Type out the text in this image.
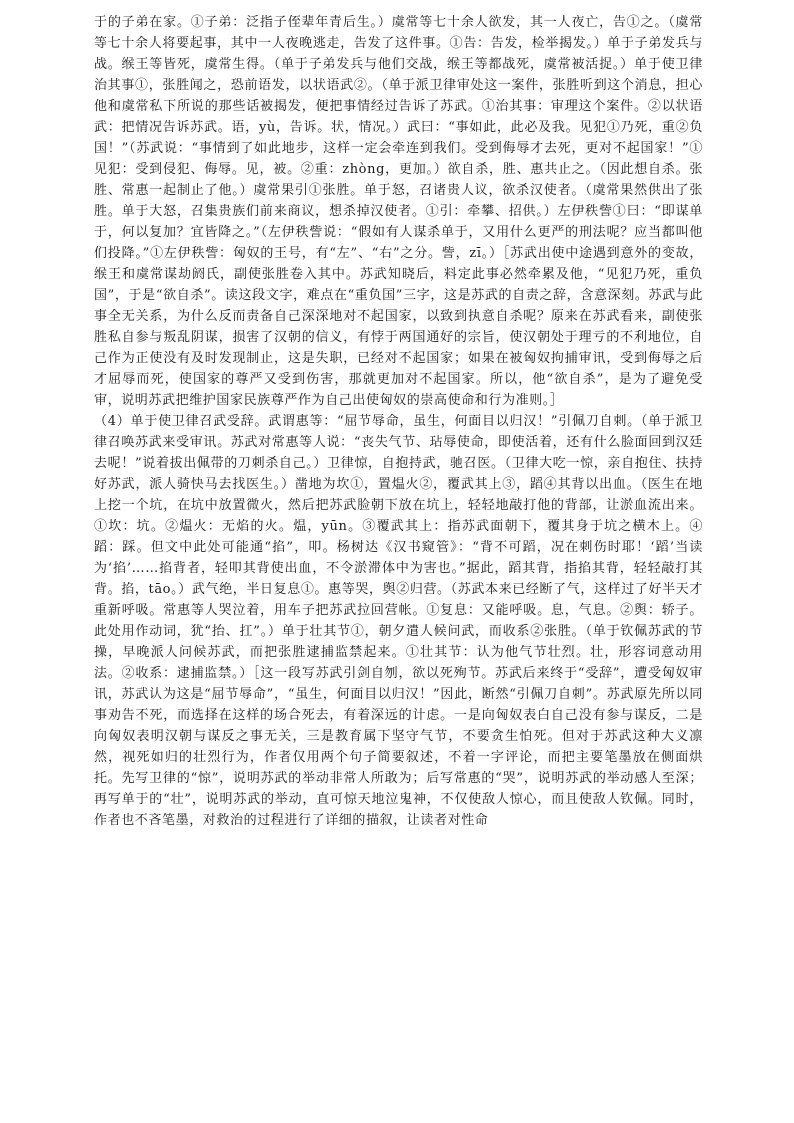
于的子弟在家。①子弟：泛指子侄辈年青后生。）虞常等七十余人欲发，其一人夜亡，告①之。（虞常等七十余人将要起事，其中一人夜晚逃走，告发了这件事。①告：告发，检举揭发。）单于子弟发兵与战。缑王等皆死，虞常生得。（单于子弟发兵与他们交战，缑王等都战死，虞常被活捉。）单于使卫律治其事①，张胜闻之，恐前语发，以状语武②。（单于派卫律审处这一案件，张胜听到这个消息，担心他和虞常私下所说的那些话被揭发，便把事情经过告诉了苏武。①治其事：审理这个案件。②以状语武：把情况告诉苏武。语，yù，告诉。状，情况。）武曰：“事如此，此必及我。见犯①乃死，重②负国！”（苏武说：“事情到了如此地步，这样一定会牵连到我们。受到侮辱才去死，更对不起国家！”①见犯：受到侵犯、侮辱。见，被。②重：zhòng，更加。）欲自杀，胜、惠共止之。（因此想自杀。张胜、常惠一起制止了他。）虞常果引①张胜。单于怒，召诸贵人议，欲杀汉使者。（虞常果然供出了张胜。单于大怒，召集贵族们前来商议，想杀掉汉使者。①引：牵攀、招供。）左伊秩訾①曰：“即谋单于，何以复加？宜皆降之。”（左伊秩訾说：“假如有人谋杀单于，又用什么更严的刑法呢？应当都叫他们投降。”①左伊秩訾：匈奴的王号，有“左”、“右”之分。訾，zī。）［苏武出使中途遇到意外的变故，缑王和虞常谋劫阏氏，副使张胜卷入其中。苏武知晓后，料定此事必然牵累及他，“见犯乃死，重负国”，于是“欲自杀”。读这段文字，难点在“重负国”三字，这是苏武的自责之辞，含意深刻。苏武与此事全无关系，为什么反而责备自己深深地对不起国家，以致到执意自杀呢？原来在苏武看来，副使张胜私自参与叛乱阴谋，损害了汉朝的信义，有悖于两国通好的宗旨，使汉朝处于理亏的不利地位，自己作为正使没有及时发现制止，这是失职，已经对不起国家；如果在被匈奴拘捕审讯，受到侮辱之后才屈辱而死，使国家的尊严又受到伤害，那就更加对不起国家。所以，他“欲自杀”，是为了避免受审，说明苏武把维护国家民族尊严作为自己出使匈奴的崇高使命和行为准则。］

（4）单于使卫律召武受辞。武谓惠等：“屈节辱命，虽生，何面目以归汉！”引佩刀自刺。（单于派卫律召唤苏武来受审讯。苏武对常惠等人说：“丧失气节、玷辱使命，即使活着，还有什么脸面回到汉廷去呢！”说着拔出佩带的刀刺杀自己。）卫律惊，自抱持武，驰召医。（卫律大吃一惊，亲自抱住、扶持好苏武，派人骑快马去找医生。）凿地为坎①，置煴火②，覆武其上③，蹈④其背以出血。（医生在地上挖一个坑，在坑中放置微火，然后把苏武脸朝下放在坑上，轻轻地敲打他的背部，让淤血流出来。①坎：坑。②煴火：无焰的火。煴，yūn。③覆武其上：指苏武面朝下，覆其身于坑之横木上。④蹈：踩。但文中此处可能通“掐”，叩。杨树达《汉书窥管》：“背不可蹈，况在刺伤时耶！‘蹈’当读为‘掐’……掐背者，轻叩其背使出血，不令淤滞体中为害也。”据此，蹈其背，指掐其背，轻轻敲打其背。掐，tāo。）武气绝，半日复息①。惠等哭，舆②归营。（苏武本来已经断了气，这样过了好半天才重新呼吸。常惠等人哭泣着，用车子把苏武拉回营帐。①复息：又能呼吸。息，气息。②舆：轿子。此处用作动词，犹“抬、扛”。）单于壮其节①，朝夕遣人候问武，而收系②张胜。（单于钦佩苏武的节操，早晚派人问候苏武，而把张胜逮捕监禁起来。①壮其节：认为他气节壮烈。壮，形容词意动用法。②收系：逮捕监禁。）［这一段写苏武引剑自刎，欲以死殉节。苏武后来终于“受辞”，遭受匈奴审讯，苏武认为这是“屈节辱命”，“虽生，何面目以归汉！”因此，断然“引佩刀自刺”。苏武原先所以同事劝告不死，而选择在这样的场合死去，有着深远的计虑。一是向匈奴表白自己没有参与谋反，二是向匈奴表明汉朝与谋反之事无关，三是教育属下坚守气节，不要贪生怕死。但对于苏武这种大义凛然，视死如归的壮烈行为，作者仅用两个句子简要叙述，不着一字评论，而把主要笔墨放在侧面烘托。先写卫律的“惊”，说明苏武的举动非常人所敢为；后写常惠的“哭”，说明苏武的举动感人至深；再写单于的“壮”，说明苏武的举动，直可惊天地泣鬼神，不仅使敌人惊心，而且使敌人钦佩。同时，作者也不吝笔墨，对救治的过程进行了详细的描叙，让读者对性命
